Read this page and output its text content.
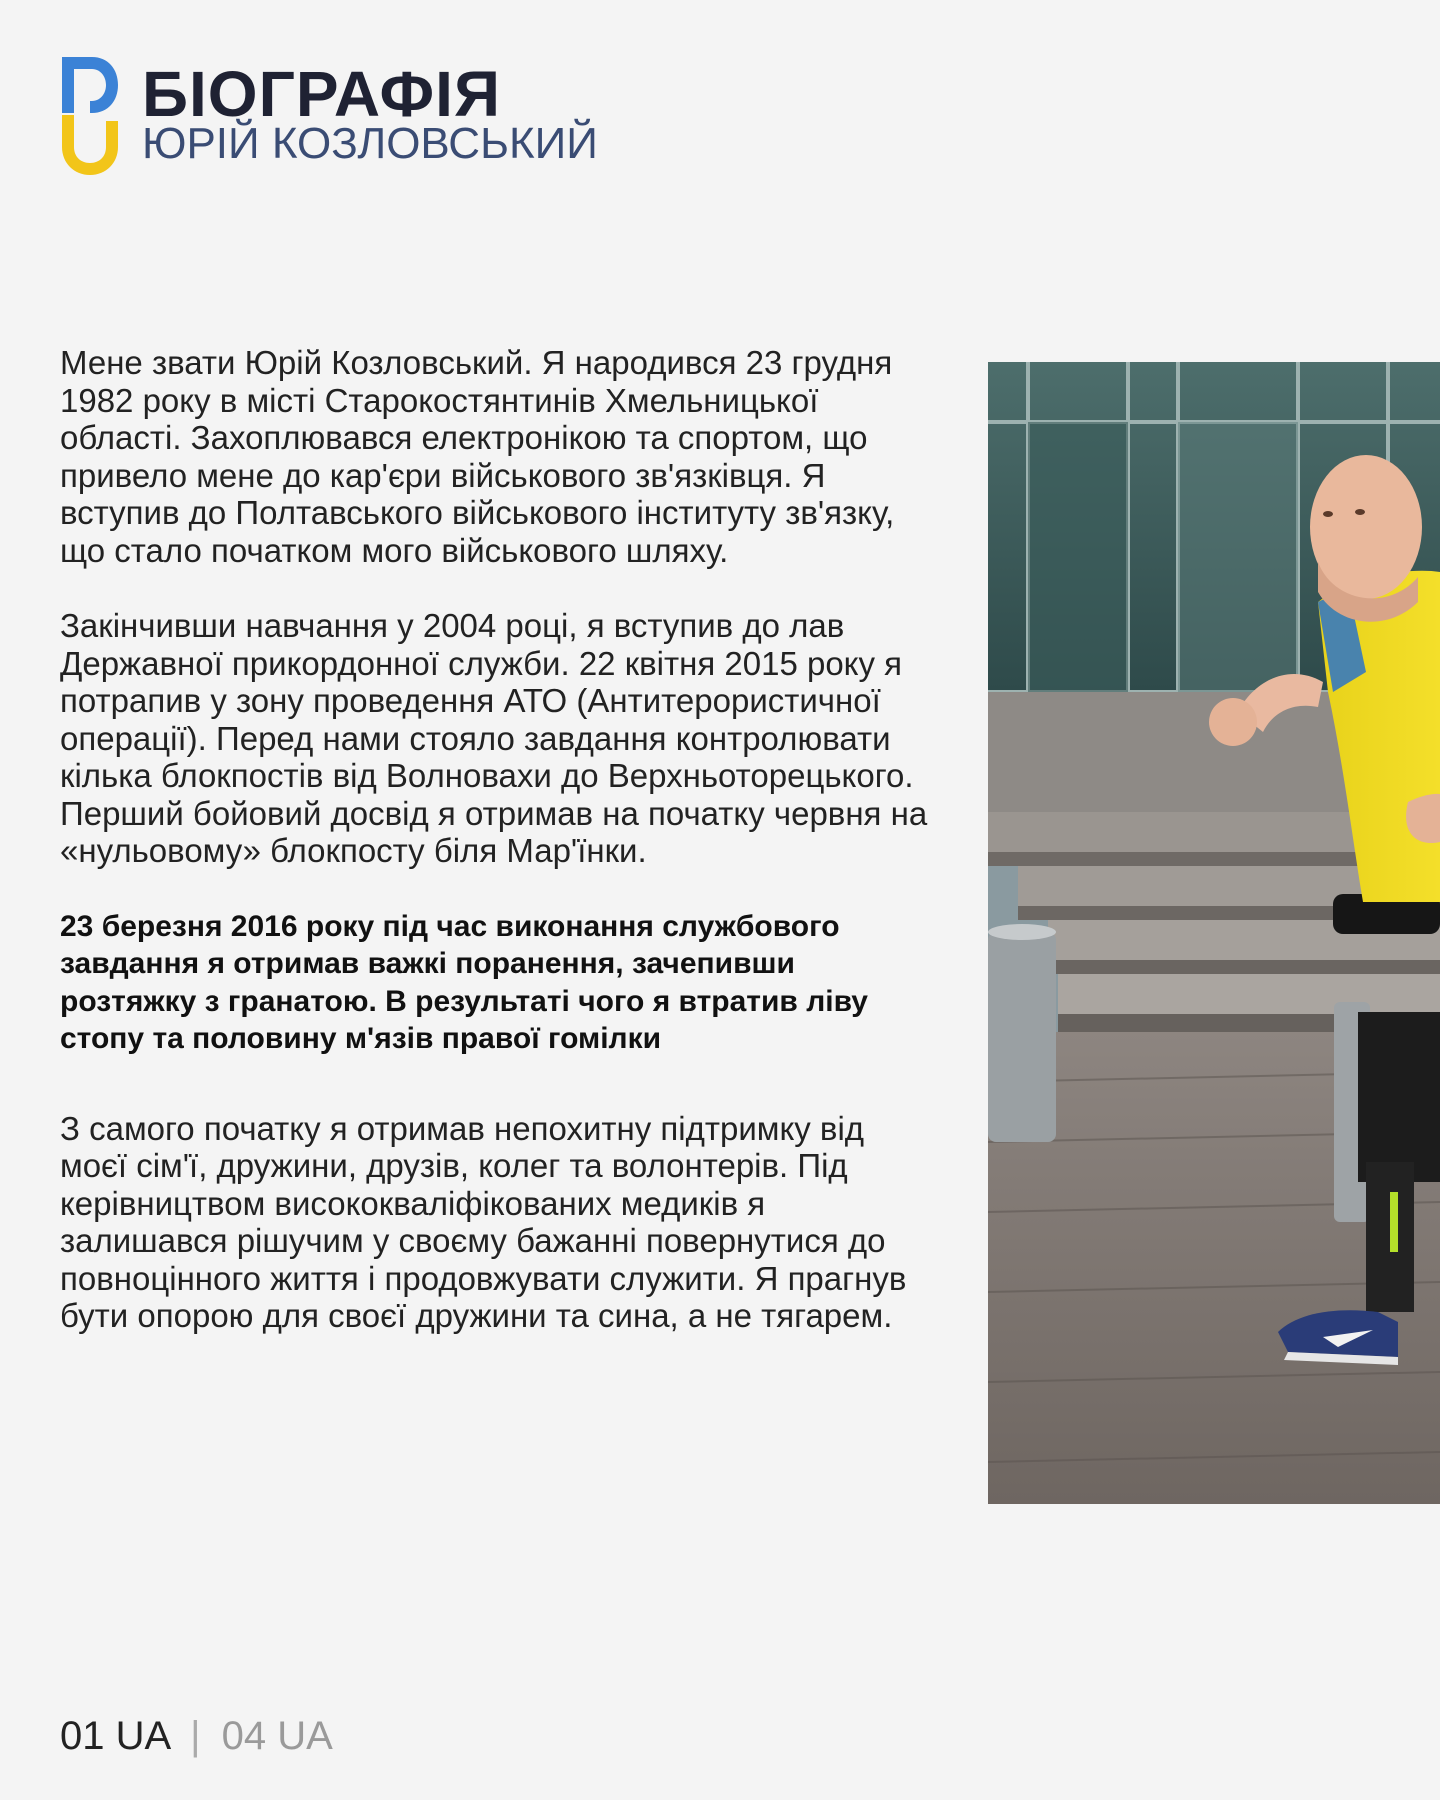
БІОГРАФІЯ
ЮРІЙ КОЗЛОВСЬКИЙ

Мене звати Юрій Козловський. Я народився 23 грудня 1982 року в місті Старокостянтинів Хмельницької області. Захоплювався електронікою та спортом, що привело мене до кар'єри військового зв'язківця. Я вступив до Полтавського військового інституту зв'язку, що стало початком мого військового шляху.

Закінчивши навчання у 2004 році, я вступив до лав Державної прикордонної служби. 22 квітня 2015 року я потрапив у зону проведення АТО (Антитерористичної операції). Перед нами стояло завдання контролювати кілька блокпостів від Волновахи до Верхньоторецького. Перший бойовий досвід я отримав на початку червня на «нульовому» блокпосту біля Мар'їнки.

23 березня 2016 року під час виконання службового завдання я отримав важкі поранення, зачепивши розтяжку з гранатою. В результаті чого я втратив ліву стопу та половину м'язів правої гомілки

З самого початку я отримав непохитну підтримку від моєї сім'ї, дружини, друзів, колег та волонтерів. Під керівництвом висококваліфікованих медиків я залишався рішучим у своєму бажанні повернутися до повноцінного життя і продовжувати служити. Я прагнув бути опорою для своєї дружини та сина, а не тягарем.

01 UA | 04 UA
